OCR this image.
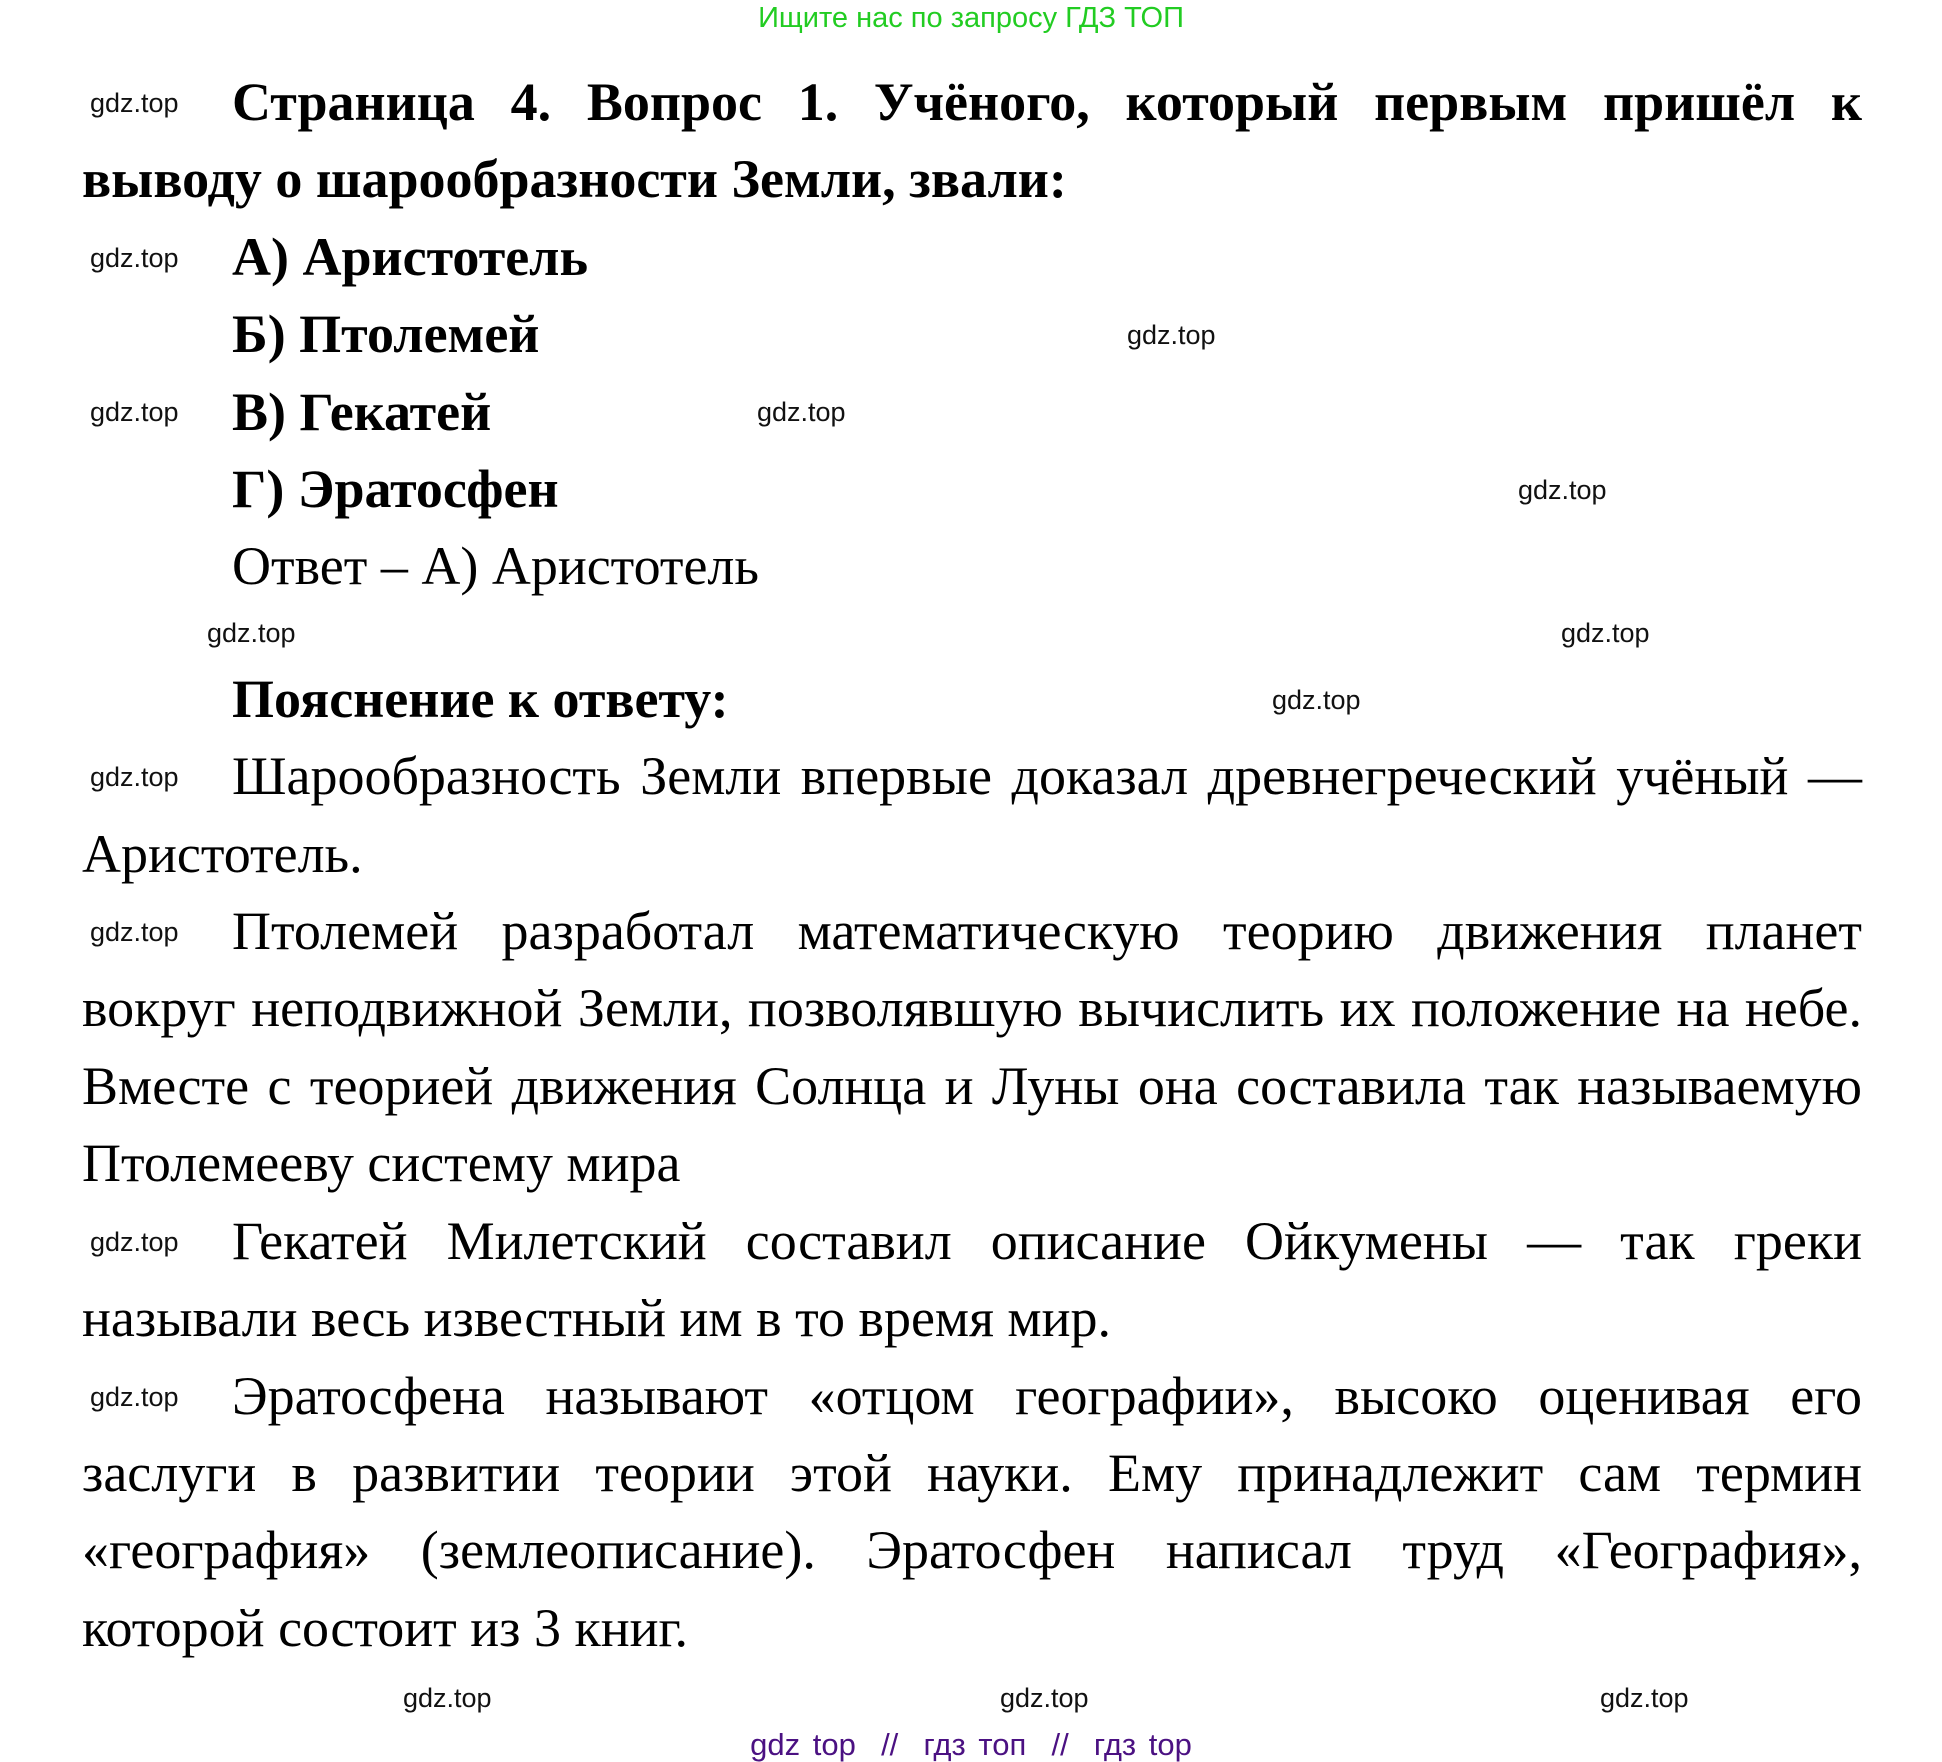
Ищите нас по запросу ГДЗ ТОП

Страница 4. Вопрос 1. Учёного, который первым пришёл к выводу о шарообразности Земли, звали:

А) Аристотель

Б) Птолемей

В) Гекатей

Г) Эратосфен

Ответ – А) Аристотель

Пояснение к ответу:

Шарообразность Земли впервые доказал древнегреческий учёный — Аристотель.

Птолемей разработал математическую теорию движения планет вокруг неподвижной Земли, позволявшую вычислить их положение на небе. Вместе с теорией движения Солнца и Луны она составила так называемую Птолемееву систему мира

Гекатей Милетский составил описание Ойкумены — так греки называли весь известный им в то время мир.

Эратосфена называют «отцом географии», высоко оценивая его заслуги в развитии теории этой науки. Ему принадлежит сам термин «география» (землеописание). Эратосфен написал труд «География», которой состоит из 3 книг.

gdz.top
gdz.top
gdz.top
gdz.top	gdz.top
gdz.top
gdz.top	gdz.top
gdz.top
gdz.top
gdz.top
gdz.top
gdz.top
gdz.top	gdz.top	gdz.top
gdz top  //  гдз топ  //  гдз top
